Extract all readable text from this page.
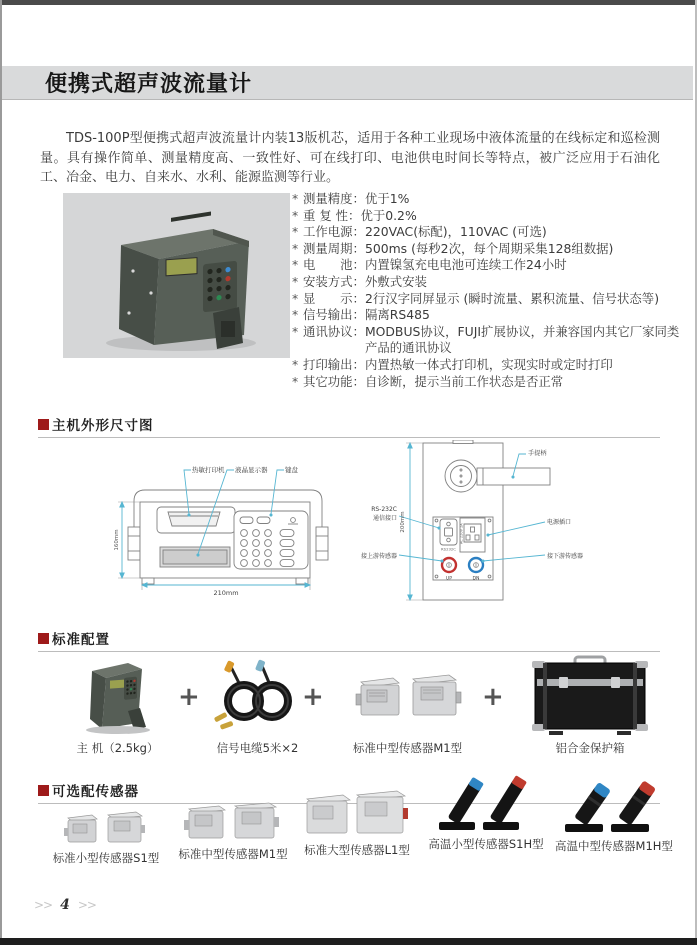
便携式超声波流量计

TDS-100P型便携式超声波流量计内装13版机芯，适用于各种工业现场中液体流量的在线标定和巡检测量。具有操作简单、测量精度高、一致性好、可在线打印、电池供电时间长等特点，被广泛应用于石油化工、冶金、电力、自来水、水利、能源监测等行业。

* 测量精度： 优于1%
* 重 复 性： 优于0.2%
* 工作电源： 220VAC(标配)，110VAC (可选)
* 测量周期： 500ms (每秒2次，每个周期采集128组数据)
* 电　　池： 内置镍氢充电电池可连续工作24小时
* 安装方式： 外敷式安装
* 显　　示： 2行汉字同屏显示 (瞬时流量、累积流量、信号状态等)
* 信号输出： 隔离RS485
* 通讯协议： MODBUS协议，FUJI扩展协议，并兼容国内其它厂家同类产品的通讯协议
* 打印输出： 内置热敏一体式打印机，实现实时或定时打印
* 其它功能： 自诊断，提示当前工作状态是否正常
主机外形尺寸图
热敏打印机 液晶显示器	键盘
160mm
210mm
手提柄
200mm
RS-232C
通信接口
接上游传感器
电源插口
接下游传感器
RS232C
AC 220V 2A
UP	DN
标准配置
主 机（2.5kg）
+
信号电缆5米×2
+
标准中型传感器M1型
+
铝合金保护箱
可选配传感器
标准小型传感器S1型 标准中型传感器M1型 标准大型传感器L1型 高温小型传感器S1H型 高温中型传感器M1H型
>> 4 >>
